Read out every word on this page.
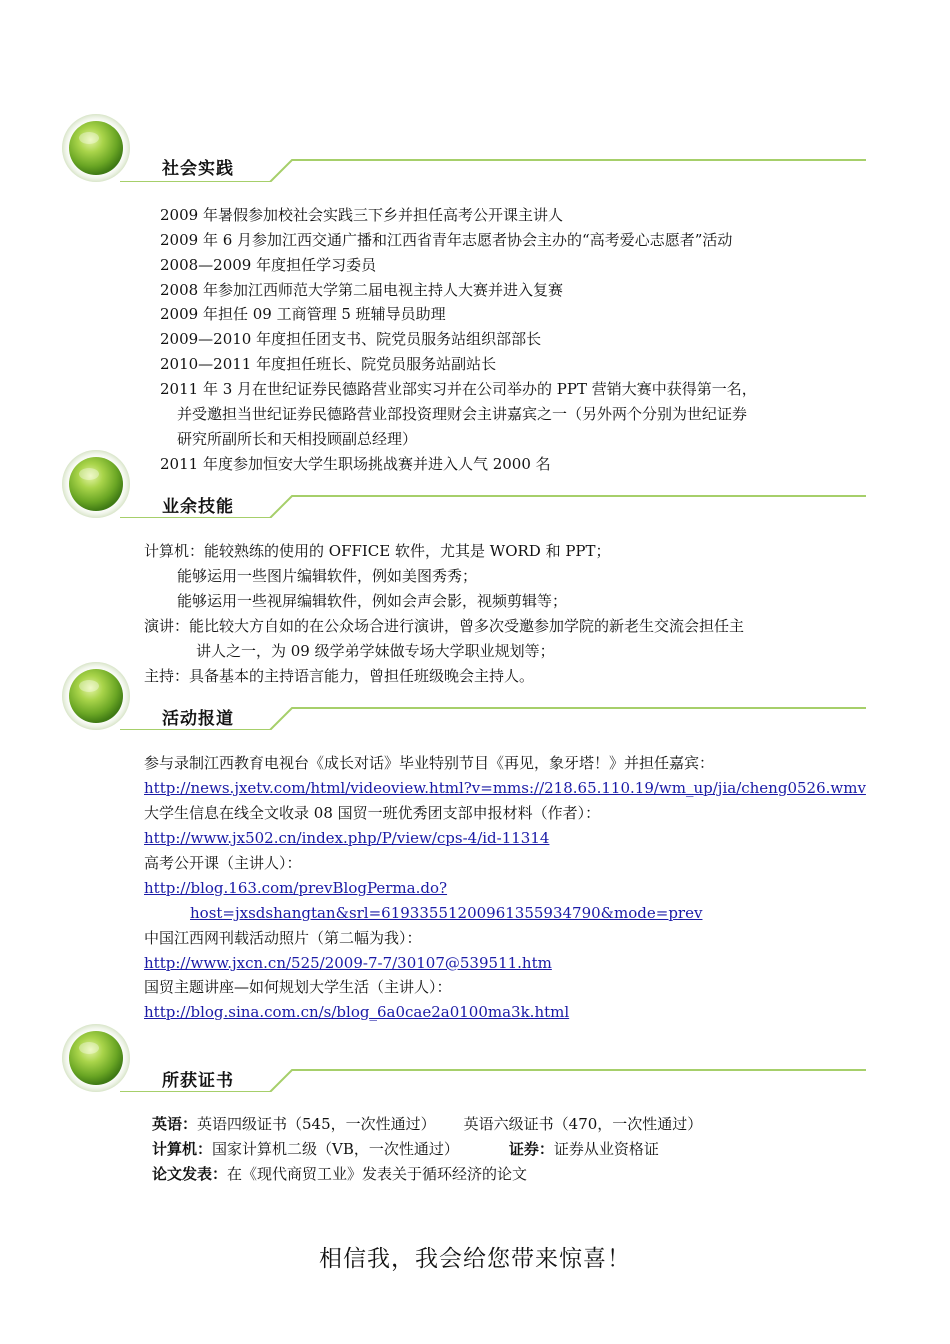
社会实践
2009 年暑假参加校社会实践三下乡并担任高考公开课主讲人
2009 年 6 月参加江西交通广播和江西省青年志愿者协会主办的“高考爱心志愿者”活动
2008—2009 年度担任学习委员
2008 年参加江西师范大学第二届电视主持人大赛并进入复赛
2009 年担任 09 工商管理 5 班辅导员助理
2009—2010 年度担任团支书、院党员服务站组织部部长
2010—2011 年度担任班长、院党员服务站副站长
2011 年 3 月在世纪证券民德路营业部实习并在公司举办的 PPT 营销大赛中获得第一名，
并受邀担当世纪证券民德路营业部投资理财会主讲嘉宾之一（另外两个分别为世纪证券
研究所副所长和天相投顾副总经理）
2011 年度参加恒安大学生职场挑战赛并进入人气 2000 名
业余技能
计算机：能较熟练的使用的 OFFICE 软件，尤其是 WORD 和 PPT；
能够运用一些图片编辑软件，例如美图秀秀；
能够运用一些视屏编辑软件，例如会声会影，视频剪辑等；
演讲：能比较大方自如的在公众场合进行演讲，曾多次受邀参加学院的新老生交流会担任主
讲人之一，为 09 级学弟学妹做专场大学职业规划等；
主持：具备基本的主持语言能力，曾担任班级晚会主持人。
活动报道
参与录制江西教育电视台《成长对话》毕业特别节目《再见，象牙塔！》并担任嘉宾：
http://news.jxetv.com/html/videoview.html?v=mms://218.65.110.19/wm_up/jia/cheng0526.wmv
大学生信息在线全文收录 08 国贸一班优秀团支部申报材料（作者）：
http://www.jx502.cn/index.php/P/view/cps-4/id-11314
高考公开课（主讲人）：
http://blog.163.com/prevBlogPerma.do?
host=jxsdshangtan&srl=61933551200961355934790&mode=prev
中国江西网刊载活动照片（第二幅为我）：
http://www.jxcn.cn/525/2009-7-7/30107@539511.htm
国贸主题讲座—如何规划大学生活（主讲人）：
http://blog.sina.com.cn/s/blog_6a0cae2a0100ma3k.html
所获证书
英语：英语四级证书（545，一次性通过） 英语六级证书（470，一次性通过）
计算机：国家计算机二级（VB，一次性通过）	证券：证券从业资格证
论文发表：在《现代商贸工业》发表关于循环经济的论文
相信我，我会给您带来惊喜！
